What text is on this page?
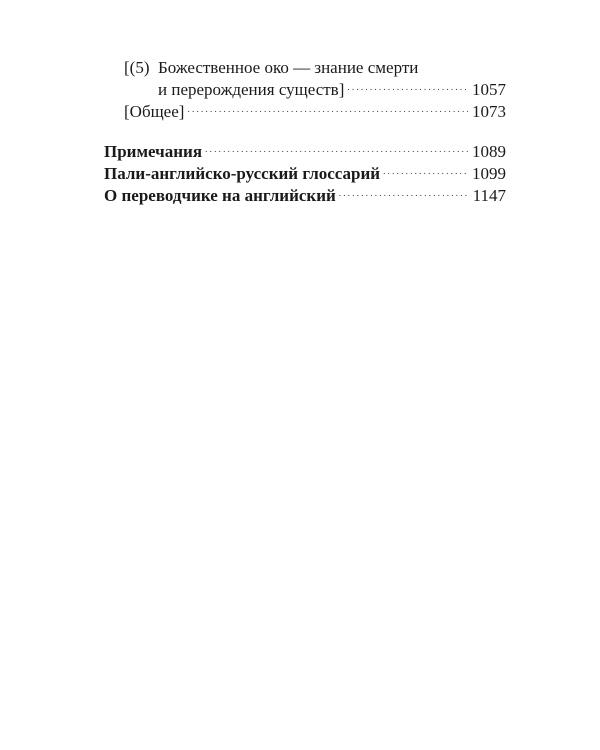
[(5) Божественное око — знание смерти
и перерождения существ] . . .	1057
[Общее] . . .	1073
Примечания . . .	1089
Пали-английско-русский глоссарий . . .	1099
О переводчике на английский . . .	1147
